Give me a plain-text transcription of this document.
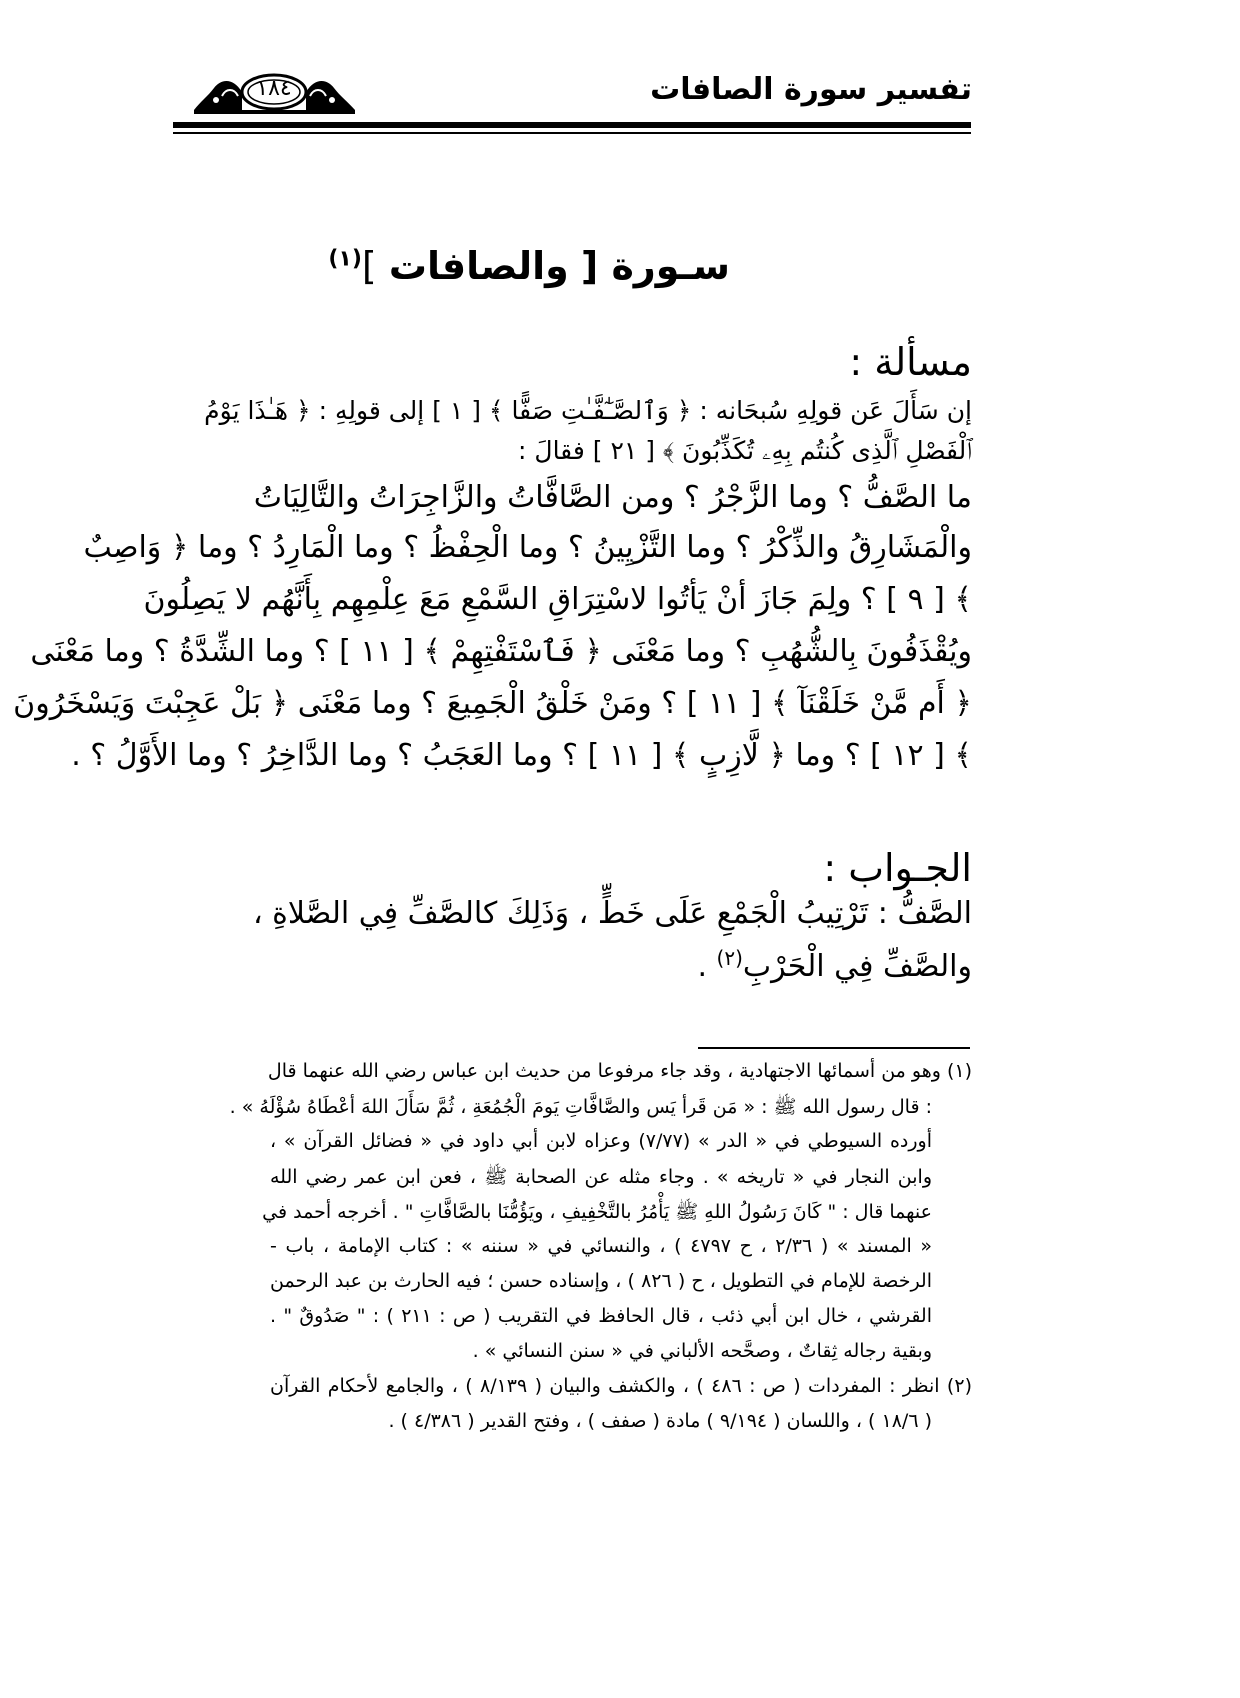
تفسير سورة الصافات
١٨٤
سـورة [ والصافات ]$^{(١)}$
مسألة :
إن سَأَلَ عَن قولِهِ سُبحَانه : ﴿ وَٱلصَّـٰٓفَّـٰتِ صَفًّا ﴾ [ ١ ] إلى قولِهِ : ﴿ هَـٰذَا يَوْمُ
ٱلْفَصْلِ ٱلَّذِى كُنتُم بِهِۦ تُكَذِّبُونَ ﴾ [ ٢١ ] فقالَ :
ما الصَّفُّ ؟ وما الزَّجْرُ ؟ ومن الصَّافَّاتُ والزَّاجِرَاتُ والتَّالِيَاتُ
والْمَشَارِقُ والذِّكْرُ ؟ وما التَّزْيِينُ ؟ وما الْحِفْظُ ؟ وما الْمَارِدُ ؟ وما ﴿ وَاصِبٌ
﴾ [ ٩ ] ؟ ولِمَ جَازَ أنْ يَأتُوا لاسْتِرَاقِ السَّمْعِ مَعَ عِلْمِهِم بِأَنَّهُم لا يَصِلُونَ
ويُقْذَفُونَ بِالشُّهُبِ ؟ وما مَعْنَى ﴿ فَٱسْتَفْتِهِمْ ﴾ [ ١١ ] ؟ وما الشِّدَّةُ ؟ وما مَعْنَى
﴿ أَم مَّنْ خَلَقْنَآ ﴾ [ ١١ ] ؟ ومَنْ خَلْقُ الْجَمِيعَ ؟ وما مَعْنَى ﴿ بَلْ عَجِبْتَ وَيَسْخَرُونَ
﴾ [ ١٢ ] ؟ وما ﴿ لَّازِبٍ ﴾ [ ١١ ] ؟ وما العَجَبُ ؟ وما الدَّاخِرُ ؟ وما الأَوَّلُ ؟ .
الجـواب :
الصَّفُّ : تَرْتِيبُ الْجَمْعِ عَلَى خَطٍّ ، وَذَلِكَ كالصَّفِّ فِي الصَّلاةِ ،
والصَّفِّ فِي الْحَرْبِ$^{(٢)}$ .
(١) وهو من أسمائها الاجتهادية ، وقد جاء مرفوعا من حديث ابن عباس رضي الله عنهما قال
: قال رسول الله ﷺ : « مَن قَرأ يَس والصَّافَّاتِ يَومَ الْجُمُعَةِ ، ثُمَّ سَأَلَ اللهَ أعْطَاهُ سُؤْلَهُ » .
أورده السيوطي في « الدر » (٧/٧٧) وعزاه لابن أبي داود في « فضائل القرآن » ،
وابن النجار في « تاريخه » . وجاء مثله عن الصحابة ﷺ ، فعن ابن عمر رضي الله
عنهما قال : " كَانَ رَسُولُ اللهِ ﷺ يَأْمُرُ بالتَّخْفِيفِ ، ويَؤُمُّنَا بالصَّافَّاتِ " . أخرجه أحمد في
« المسند » ( ٢/٣٦ ، ح ٤٧٩٧ ) ، والنسائي في « سننه » : كتاب الإمامة ، باب -
الرخصة للإمام في التطويل ، ح ( ٨٢٦ ) ، وإسناده حسن ؛ فيه الحارث بن عبد الرحمن
القرشي ، خال ابن أبي ذئب ، قال الحافظ في التقريب ( ص : ٢١١ ) : " صَدُوقٌ " .
وبقية رجاله ثِقاتٌ ، وصحَّحه الألباني في « سنن النسائي » .
(٢) انظر : المفردات ( ص : ٤٨٦ ) ، والكشف والبيان ( ٨/١٣٩ ) ، والجامع لأحكام القرآن
( ١٨/٦ ) ، واللسان ( ٩/١٩٤ ) مادة ( صفف ) ، وفتح القدير ( ٤/٣٨٦ ) .
